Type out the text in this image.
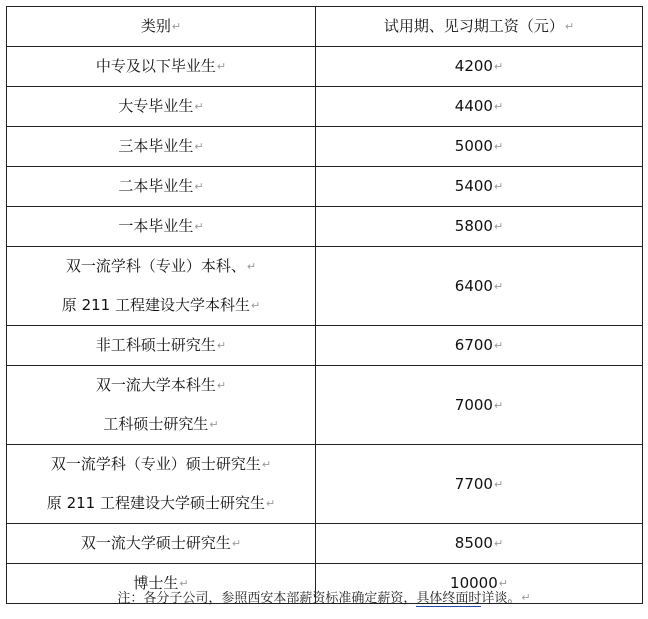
类别↵	试用期、见习期工资（元）↵

中专及以下毕业生↵	4200↵

大专毕业生↵	4400↵

三本毕业生↵	5000↵

二本毕业生↵	5400↵

一本毕业生↵	5800↵

双一流学科（专业）本科、↵
原 211 工程建设大学本科生↵	6400↵

非工科硕士研究生↵	6700↵

双一流大学本科生↵
工科硕士研究生↵	7000↵

双一流学科（专业）硕士研究生↵
原 211 工程建设大学硕士研究生↵	7700↵

双一流大学硕士研究生↵	8500↵

博士生↵	10000↵
注：各分子公司，参照西安本部薪资标准确定薪资，具体终面时详谈。↵
